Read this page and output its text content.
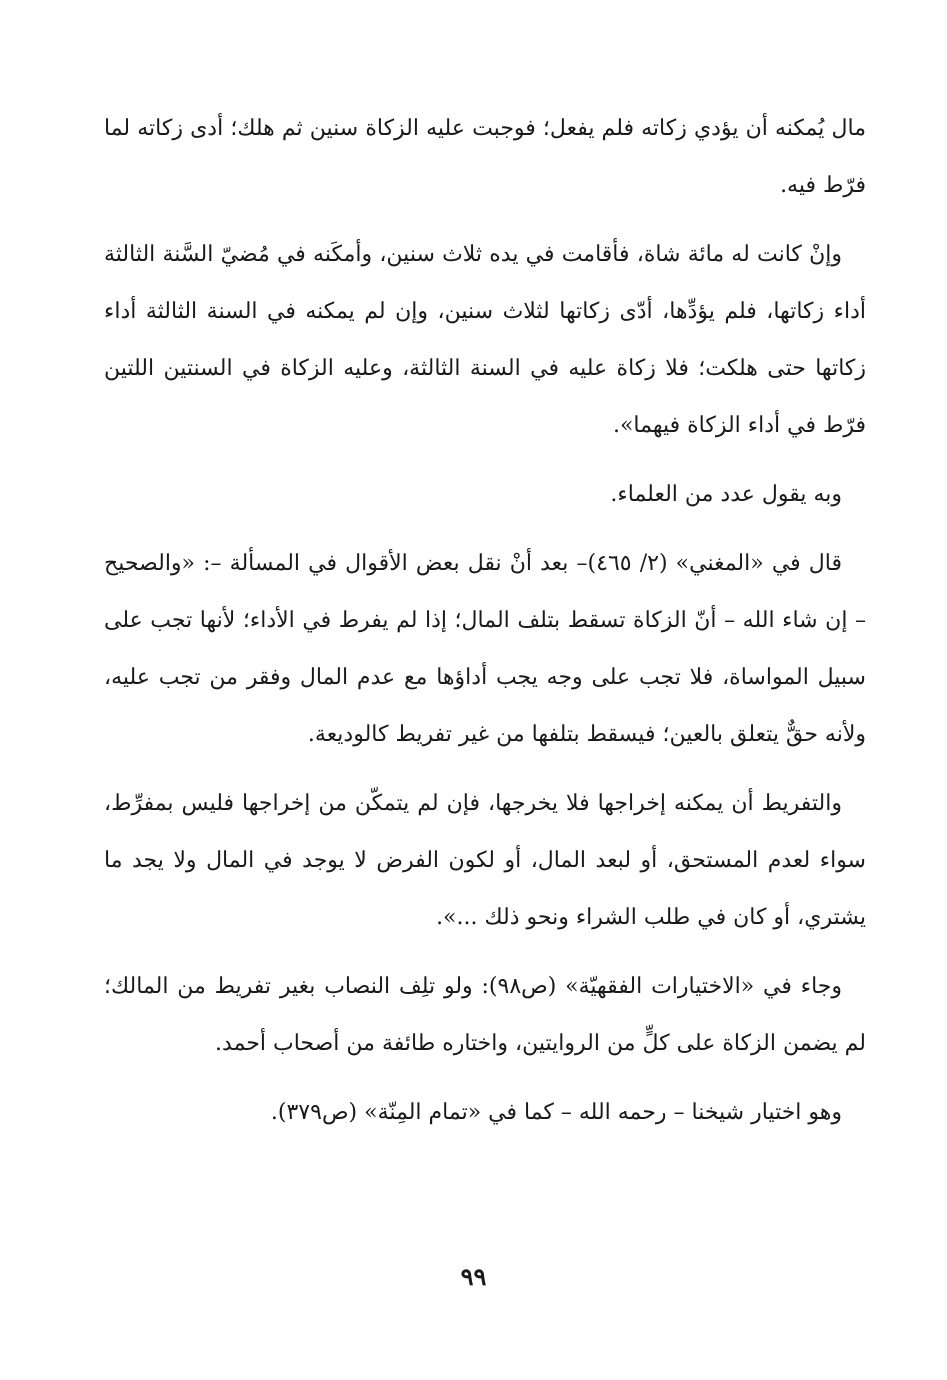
مال يُمكنه أن يؤدي زكاته فلم يفعل؛ فوجبت عليه الزكاة سنين ثم هلك؛ أدى زكاته لما فرّط فيه.

وإنْ كانت له مائة شاة، فأقامت في يده ثلاث سنين، وأمكَنه في مُضيّ السَّنة الثالثة أداء زكاتها، فلم يؤدِّها، أدّى زكاتها لثلاث سنين، وإن لم يمكنه في السنة الثالثة أداء زكاتها حتى هلكت؛ فلا زكاة عليه في السنة الثالثة، وعليه الزكاة في السنتين اللتين فرّط في أداء الزكاة فيهما».

وبه يقول عدد من العلماء.

قال في «المغني» (٢/ ٤٦٥)– بعد أنْ نقل بعض الأقوال في المسألة –: «والصحيح – إن شاء الله – أنّ الزكاة تسقط بتلف المال؛ إذا لم يفرط في الأداء؛ لأنها تجب على سبيل المواساة، فلا تجب على وجه يجب أداؤها مع عدم المال وفقر من تجب عليه، ولأنه حقٌّ يتعلق بالعين؛ فيسقط بتلفها من غير تفريط كالوديعة.

والتفريط أن يمكنه إخراجها فلا يخرجها، فإن لم يتمكّن من إخراجها فليس بمفرِّط، سواء لعدم المستحق، أو لبعد المال، أو لكون الفرض لا يوجد في المال ولا يجد ما يشتري، أو كان في طلب الشراء ونحو ذلك ...».

وجاء في «الاختيارات الفقهيّة» (ص٩٨): ولو تلِف النصاب بغير تفريط من المالك؛ لم يضمن الزكاة على كلٍّ من الروايتين، واختاره طائفة من أصحاب أحمد.

وهو اختيار شيخنا – رحمه الله – كما في «تمام المِنّة» (ص٣٧٩).

٩٩
